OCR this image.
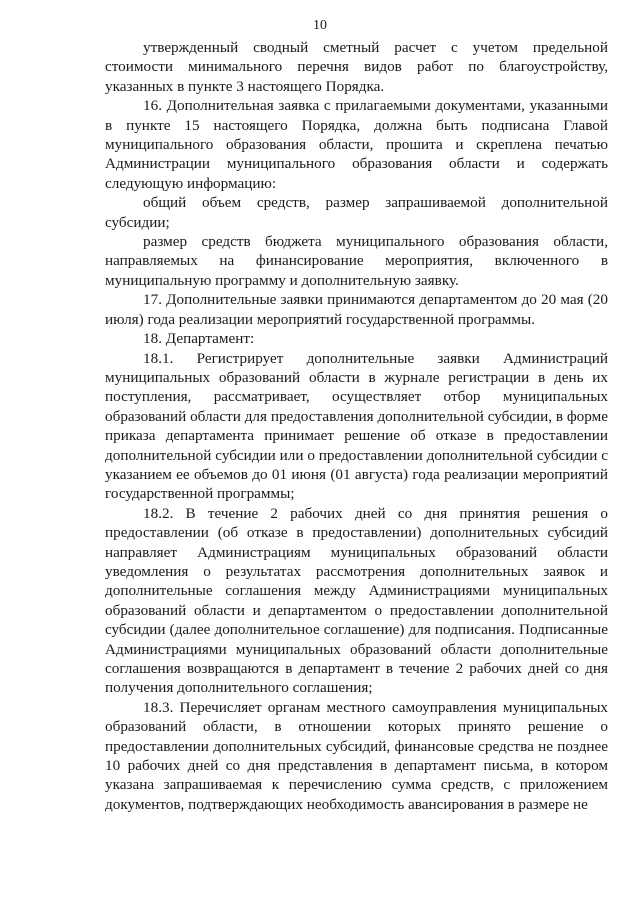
10

утвержденный сводный сметный расчет с учетом предельной стоимости минимального перечня видов работ по благоустройству, указанных в пункте 3 настоящего Порядка.

16. Дополнительная заявка с прилагаемыми документами, указанными в пункте 15 настоящего Порядка, должна быть подписана Главой муниципального образования области, прошита и скреплена печатью Администрации муниципального образования области и содержать следующую информацию:

общий объем средств, размер запрашиваемой дополнительной субсидии;

размер средств бюджета муниципального образования области, направляемых на финансирование мероприятия, включенного в муниципальную программу и дополнительную заявку.

17. Дополнительные заявки принимаются департаментом до 20 мая (20 июля) года реализации мероприятий государственной программы.

18. Департамент:

18.1. Регистрирует дополнительные заявки Администраций муниципальных образований области в журнале регистрации в день их поступления, рассматривает, осуществляет отбор муниципальных образований области для предоставления дополнительной субсидии, в форме приказа департамента принимает решение об отказе в предоставлении дополнительной субсидии или о предоставлении дополнительной субсидии с указанием ее объемов до 01 июня (01 августа) года реализации мероприятий государственной программы;

18.2. В течение 2 рабочих дней со дня принятия решения о предоставлении (об отказе в предоставлении) дополнительных субсидий направляет Администрациям муниципальных образований области уведомления о результатах рассмотрения дополнительных заявок и дополнительные соглашения между Администрациями муниципальных образований области и департаментом о предоставлении дополнительной субсидии (далее дополнительное соглашение) для подписания. Подписанные Администрациями муниципальных образований области дополнительные соглашения возвращаются в департамент в течение 2 рабочих дней со дня получения дополнительного соглашения;

18.3. Перечисляет органам местного самоуправления муниципальных образований области, в отношении которых принято решение о предоставлении дополнительных субсидий, финансовые средства не позднее 10 рабочих дней со дня представления в департамент письма, в котором указана запрашиваемая к перечислению сумма средств, с приложением документов, подтверждающих необходимость авансирования в размере не
